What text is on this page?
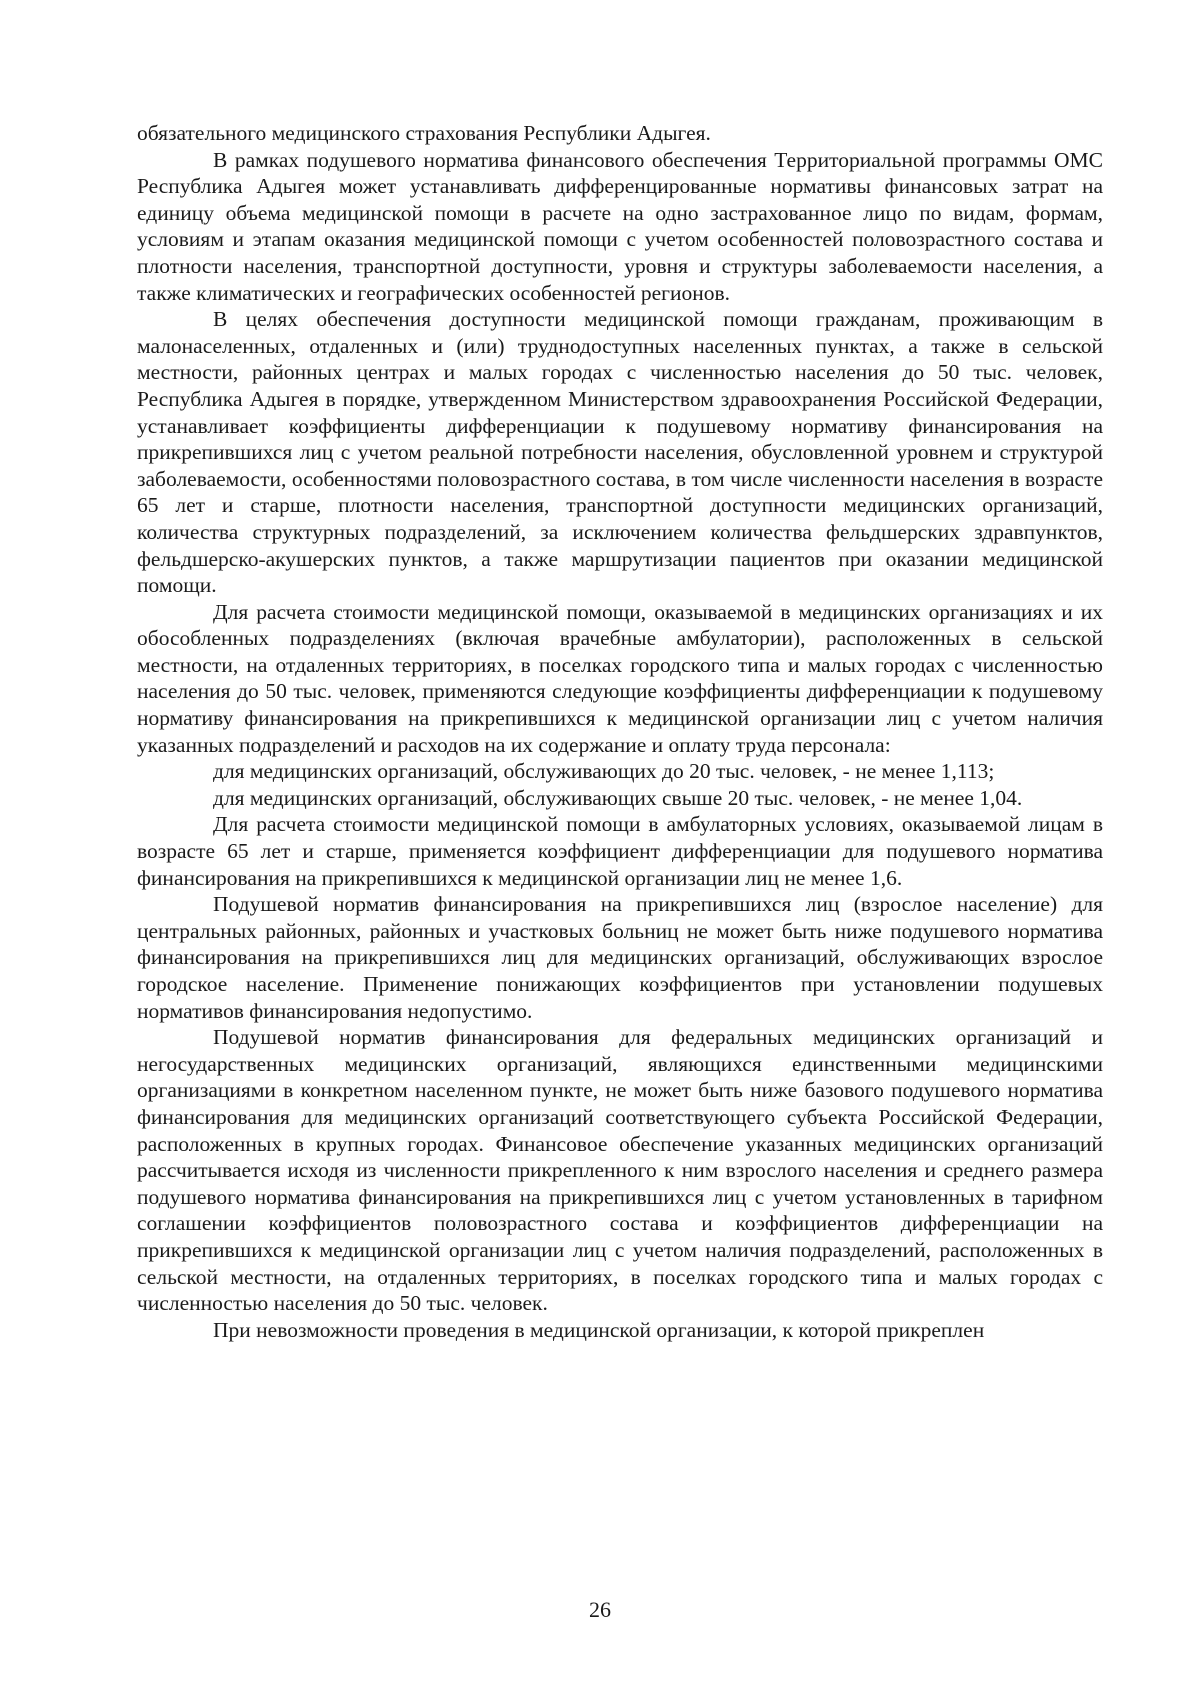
обязательного медицинского страхования Республики Адыгея.

В рамках подушевого норматива финансового обеспечения Территориальной программы ОМС Республика Адыгея может устанавливать дифференцированные нормативы финансовых затрат на единицу объема медицинской помощи в расчете на одно застрахованное лицо по видам, формам, условиям и этапам оказания медицинской помощи с учетом особенностей половозрастного состава и плотности населения, транспортной доступности, уровня и структуры заболеваемости населения, а также климатических и географических особенностей регионов.

В целях обеспечения доступности медицинской помощи гражданам, проживающим в малонаселенных, отдаленных и (или) труднодоступных населенных пунктах, а также в сельской местности, районных центрах и малых городах с численностью населения до 50 тыс. человек, Республика Адыгея в порядке, утвержденном Министерством здравоохранения Российской Федерации, устанавливает коэффициенты дифференциации к подушевому нормативу финансирования на прикрепившихся лиц с учетом реальной потребности населения, обусловленной уровнем и структурой заболеваемости, особенностями половозрастного состава, в том числе численности населения в возрасте 65 лет и старше, плотности населения, транспортной доступности медицинских организаций, количества структурных подразделений, за исключением количества фельдшерских здравпунктов, фельдшерско-акушерских пунктов, а также маршрутизации пациентов при оказании медицинской помощи.

Для расчета стоимости медицинской помощи, оказываемой в медицинских организациях и их обособленных подразделениях (включая врачебные амбулатории), расположенных в сельской местности, на отдаленных территориях, в поселках городского типа и малых городах с численностью населения до 50 тыс. человек, применяются следующие коэффициенты дифференциации к подушевому нормативу финансирования на прикрепившихся к медицинской организации лиц с учетом наличия указанных подразделений и расходов на их содержание и оплату труда персонала:

для медицинских организаций, обслуживающих до 20 тыс. человек, - не менее 1,113;

для медицинских организаций, обслуживающих свыше 20 тыс. человек, - не менее 1,04.

Для расчета стоимости медицинской помощи в амбулаторных условиях, оказываемой лицам в возрасте 65 лет и старше, применяется коэффициент дифференциации для подушевого норматива финансирования на прикрепившихся к медицинской организации лиц не менее 1,6.

Подушевой норматив финансирования на прикрепившихся лиц (взрослое население) для центральных районных, районных и участковых больниц не может быть ниже подушевого норматива финансирования на прикрепившихся лиц для медицинских организаций, обслуживающих взрослое городское население. Применение понижающих коэффициентов при установлении подушевых нормативов финансирования недопустимо.

Подушевой норматив финансирования для федеральных медицинских организаций и негосударственных медицинских организаций, являющихся единственными медицинскими организациями в конкретном населенном пункте, не может быть ниже базового подушевого норматива финансирования для медицинских организаций соответствующего субъекта Российской Федерации, расположенных в крупных городах. Финансовое обеспечение указанных медицинских организаций рассчитывается исходя из численности прикрепленного к ним взрослого населения и среднего размера подушевого норматива финансирования на прикрепившихся лиц с учетом установленных в тарифном соглашении коэффициентов половозрастного состава и коэффициентов дифференциации на прикрепившихся к медицинской организации лиц с учетом наличия подразделений, расположенных в сельской местности, на отдаленных территориях, в поселках городского типа и малых городах с численностью населения до 50 тыс. человек.

При невозможности проведения в медицинской организации, к которой прикреплен

26
